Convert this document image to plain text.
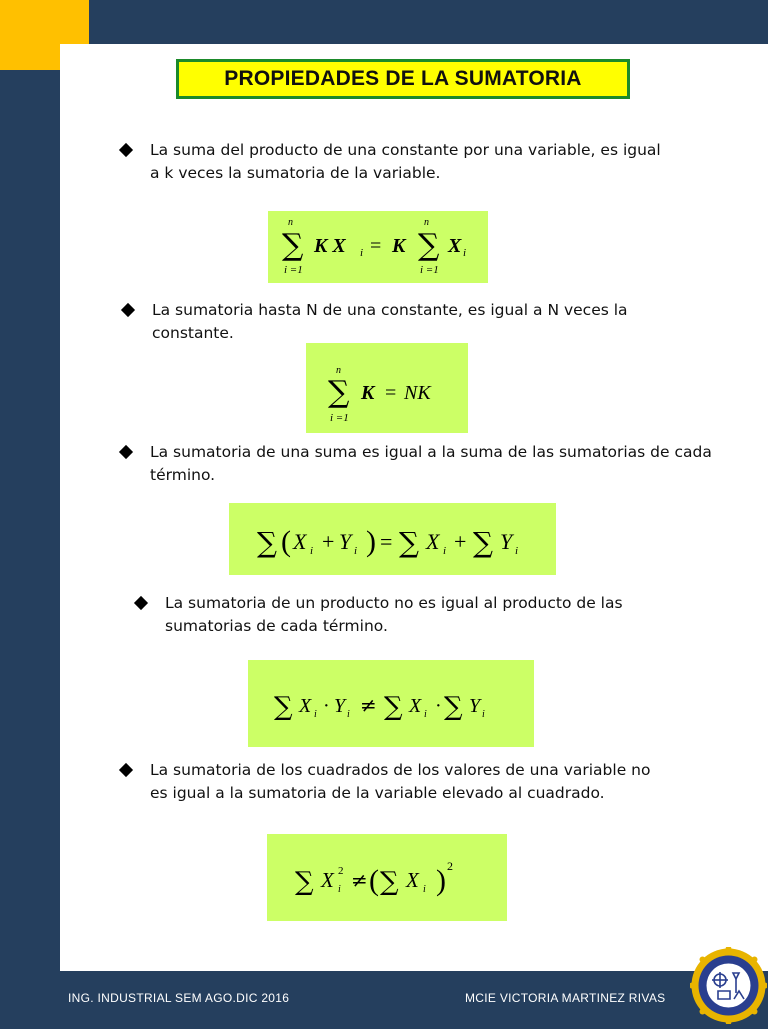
PROPIEDADES DE LA SUMATORIA
La suma del producto de una constante por una variable, es igual
a k veces la sumatoria de la variable.
n
∑
i =1
K X i = K
n
∑
i =1
X i
La sumatoria hasta N de una constante, es igual a N veces la
constante.
n
∑
i =1
K = NK
La sumatoria de una suma es igual a la suma de las sumatorias de cada
término.
∑ ( X i + Y i ) = ∑ X i + ∑ Y i
La sumatoria de un producto no es igual al producto de las
sumatorias de cada término.
∑ X i · Y i ≠ ∑ X i · ∑ Y i
La sumatoria de los cuadrados de los valores de una variable no
es igual a la sumatoria de la variable elevado al cuadrado.
∑ X i
2 ≠ ( ∑ X i ) 2
ING. INDUSTRIAL SEM AGO.DIC 2016	MCIE VICTORIA MARTINEZ RIVAS
